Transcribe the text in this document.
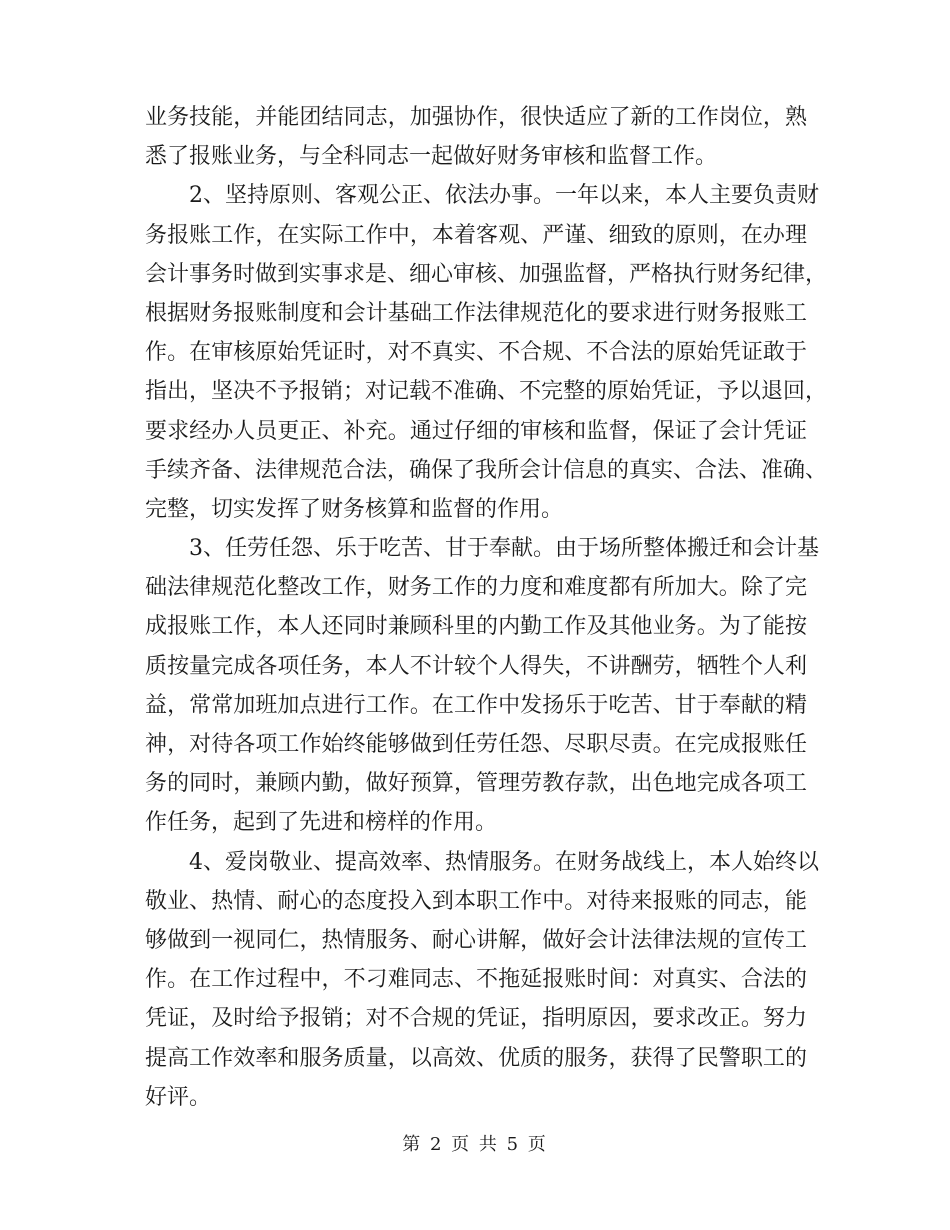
业务技能，并能团结同志，加强协作，很快适应了新的工作岗位，熟
悉了报账业务，与全科同志一起做好财务审核和监督工作。
2、坚持原则、客观公正、依法办事。一年以来，本人主要负责财
务报账工作，在实际工作中，本着客观、严谨、细致的原则，在办理
会计事务时做到实事求是、细心审核、加强监督，严格执行财务纪律，
根据财务报账制度和会计基础工作法律规范化的要求进行财务报账工
作。在审核原始凭证时，对不真实、不合规、不合法的原始凭证敢于
指出，坚决不予报销；对记载不准确、不完整的原始凭证，予以退回，
要求经办人员更正、补充。通过仔细的审核和监督，保证了会计凭证
手续齐备、法律规范合法，确保了我所会计信息的真实、合法、准确、
完整，切实发挥了财务核算和监督的作用。
3、任劳任怨、乐于吃苦、甘于奉献。由于场所整体搬迁和会计基
础法律规范化整改工作，财务工作的力度和难度都有所加大。除了完
成报账工作，本人还同时兼顾科里的内勤工作及其他业务。为了能按
质按量完成各项任务，本人不计较个人得失，不讲酬劳，牺牲个人利
益，常常加班加点进行工作。在工作中发扬乐于吃苦、甘于奉献的精
神，对待各项工作始终能够做到任劳任怨、尽职尽责。在完成报账任
务的同时，兼顾内勤，做好预算，管理劳教存款，出色地完成各项工
作任务，起到了先进和榜样的作用。
4、爱岗敬业、提高效率、热情服务。在财务战线上，本人始终以
敬业、热情、耐心的态度投入到本职工作中。对待来报账的同志，能
够做到一视同仁，热情服务、耐心讲解，做好会计法律法规的宣传工
作。在工作过程中，不刁难同志、不拖延报账时间：对真实、合法的
凭证，及时给予报销；对不合规的凭证，指明原因，要求改正。努力
提高工作效率和服务质量，以高效、优质的服务，获得了民警职工的
好评。
第 2 页 共 5 页
